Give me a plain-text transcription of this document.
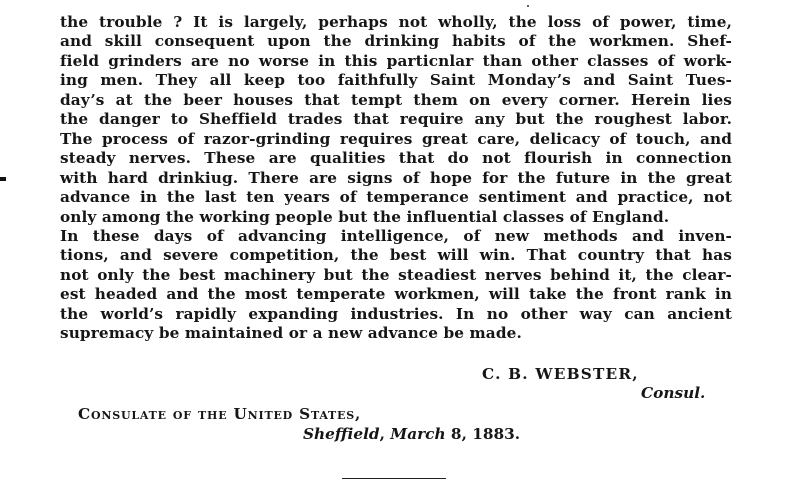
the trouble ? It is largely, perhaps not wholly, the loss of power, time,
and skill consequent upon the drinking habits of the workmen. Shef-
field grinders are no worse in this particnlar than other classes of work-
ing men. They all keep too faithfully Saint Monday’s and Saint Tues-
day’s at the beer houses that tempt them on every corner. Herein lies
the danger to Sheffield trades that require any but the roughest labor.
The process of razor-grinding requires great care, delicacy of touch, and
steady nerves. These are qualities that do not flourish in connection
with hard drinkiug. There are signs of hope for the future in the great
advance in the last ten years of temperance sentiment and practice, not
only among the working people but the influential classes of England.
In these days of advancing intelligence, of new methods and inven-
tions, and severe competition, the best will win. That country that has
not only the best machinery but the steadiest nerves behind it, the clear-
est headed and the most temperate workmen, will take the front rank in
the world’s rapidly expanding industries. In no other way can ancient
supremacy be maintained or a new advance be made.
C. B. WEBSTER,
Consul.
Consulate of the United States,
Sheffield, March 8, 1883.
